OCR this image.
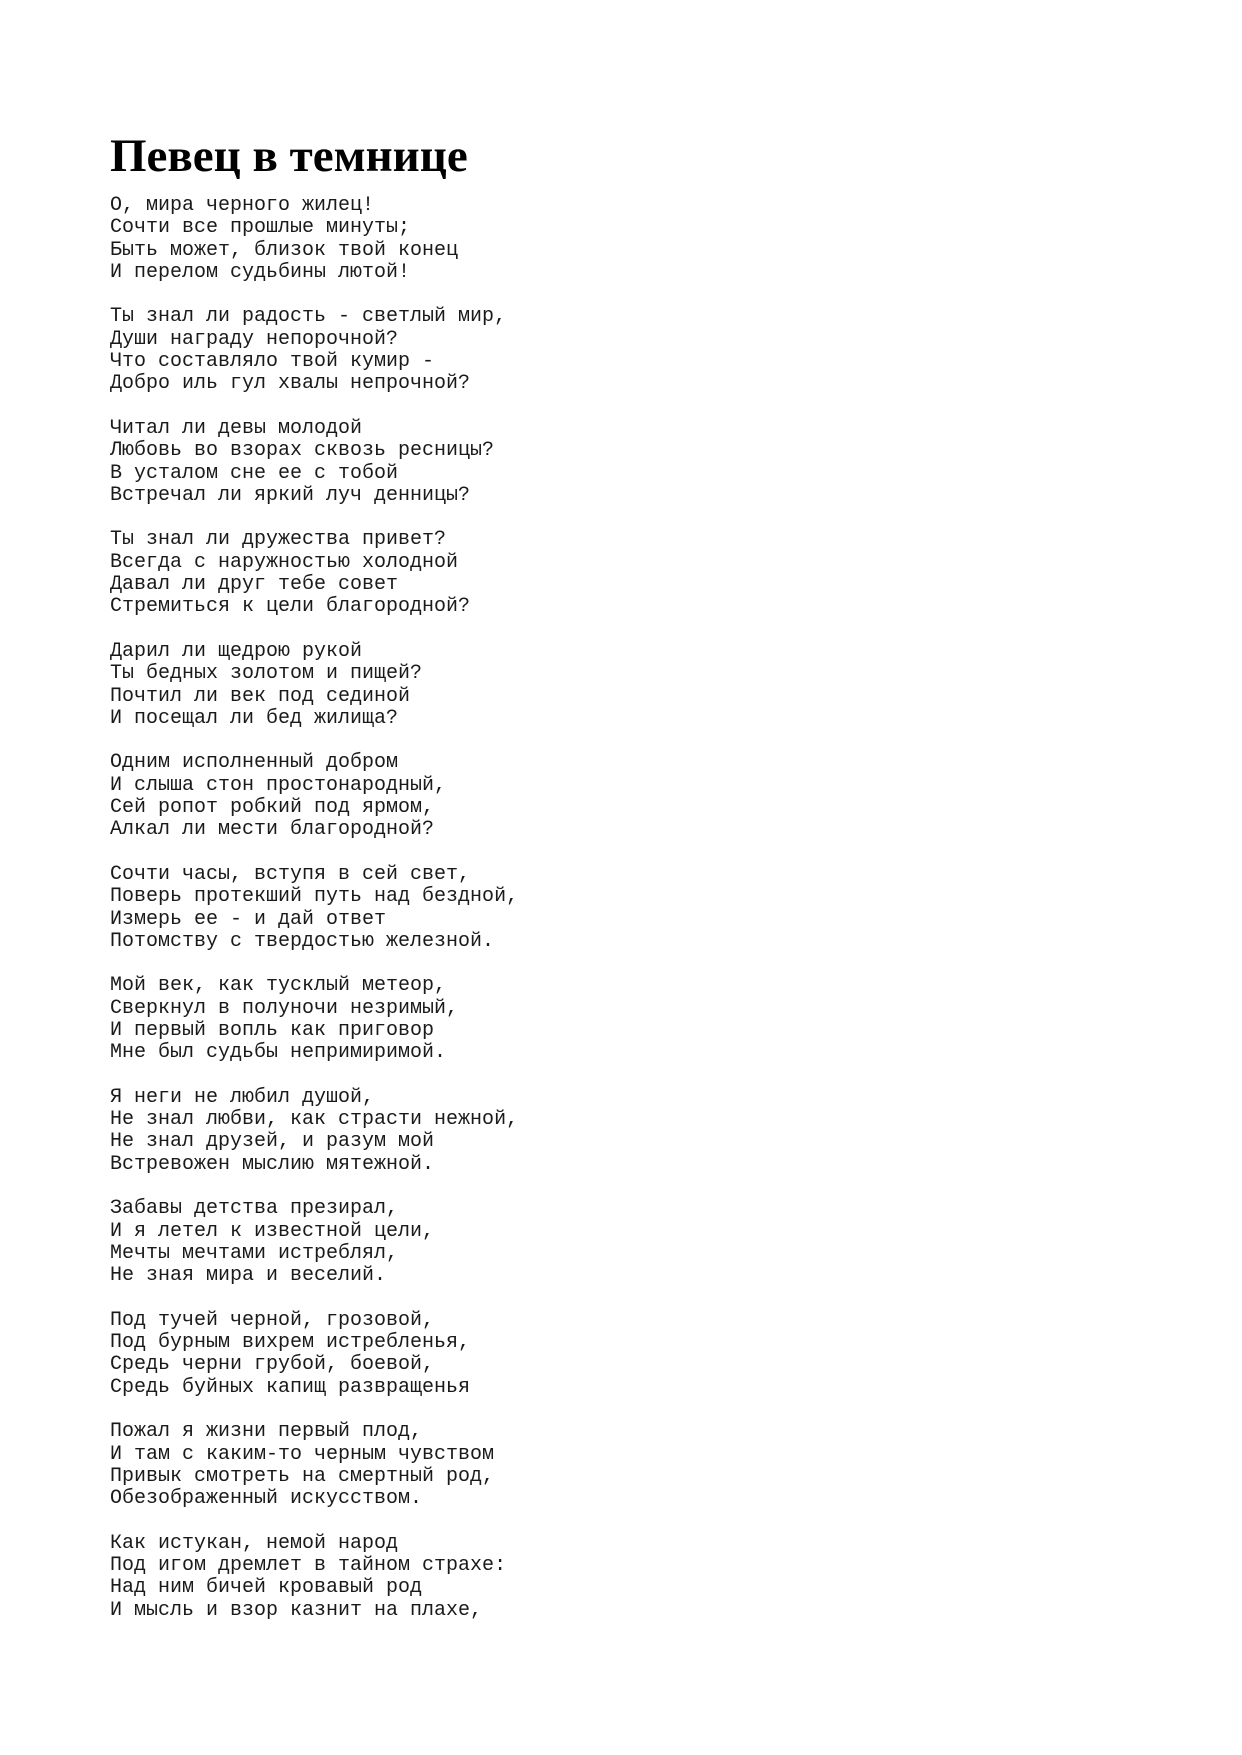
Певец в темнице
О, мира черного жилец!
Сочти все прошлые минуты;
Быть может, близок твой конец
И перелом судьбины лютой!
Ты знал ли радость - светлый мир,
Души награду непорочной?
Что составляло твой кумир -
Добро иль гул хвалы непрочной?
Читал ли девы молодой
Любовь во взорах сквозь ресницы?
В усталом сне ее с тобой
Встречал ли яркий луч денницы?
Ты знал ли дружества привет?
Всегда с наружностью холодной
Давал ли друг тебе совет
Стремиться к цели благородной?
Дарил ли щедрою рукой
Ты бедных золотом и пищей?
Почтил ли век под сединой
И посещал ли бед жилища?
Одним исполненный добром
И слыша стон простонародный,
Сей ропот робкий под ярмом,
Алкал ли мести благородной?
Сочти часы, вступя в сей свет,
Поверь протекший путь над бездной,
Измерь ее - и дай ответ
Потомству с твердостью железной.
Мой век, как тусклый метеор,
Сверкнул в полуночи незримый,
И первый вопль как приговор
Мне был судьбы непримиримой.
Я неги не любил душой,
Не знал любви, как страсти нежной,
Не знал друзей, и разум мой
Встревожен мыслию мятежной.
Забавы детства презирал,
И я летел к известной цели,
Мечты мечтами истреблял,
Не зная мира и веселий.
Под тучей черной, грозовой,
Под бурным вихрем истребленья,
Средь черни грубой, боевой,
Средь буйных капищ развращенья
Пожал я жизни первый плод,
И там с каким-то черным чувством
Привык смотреть на смертный род,
Обезображенный искусством.
Как истукан, немой народ
Под игом дремлет в тайном страхе:
Над ним бичей кровавый род
И мысль и взор казнит на плахе,
